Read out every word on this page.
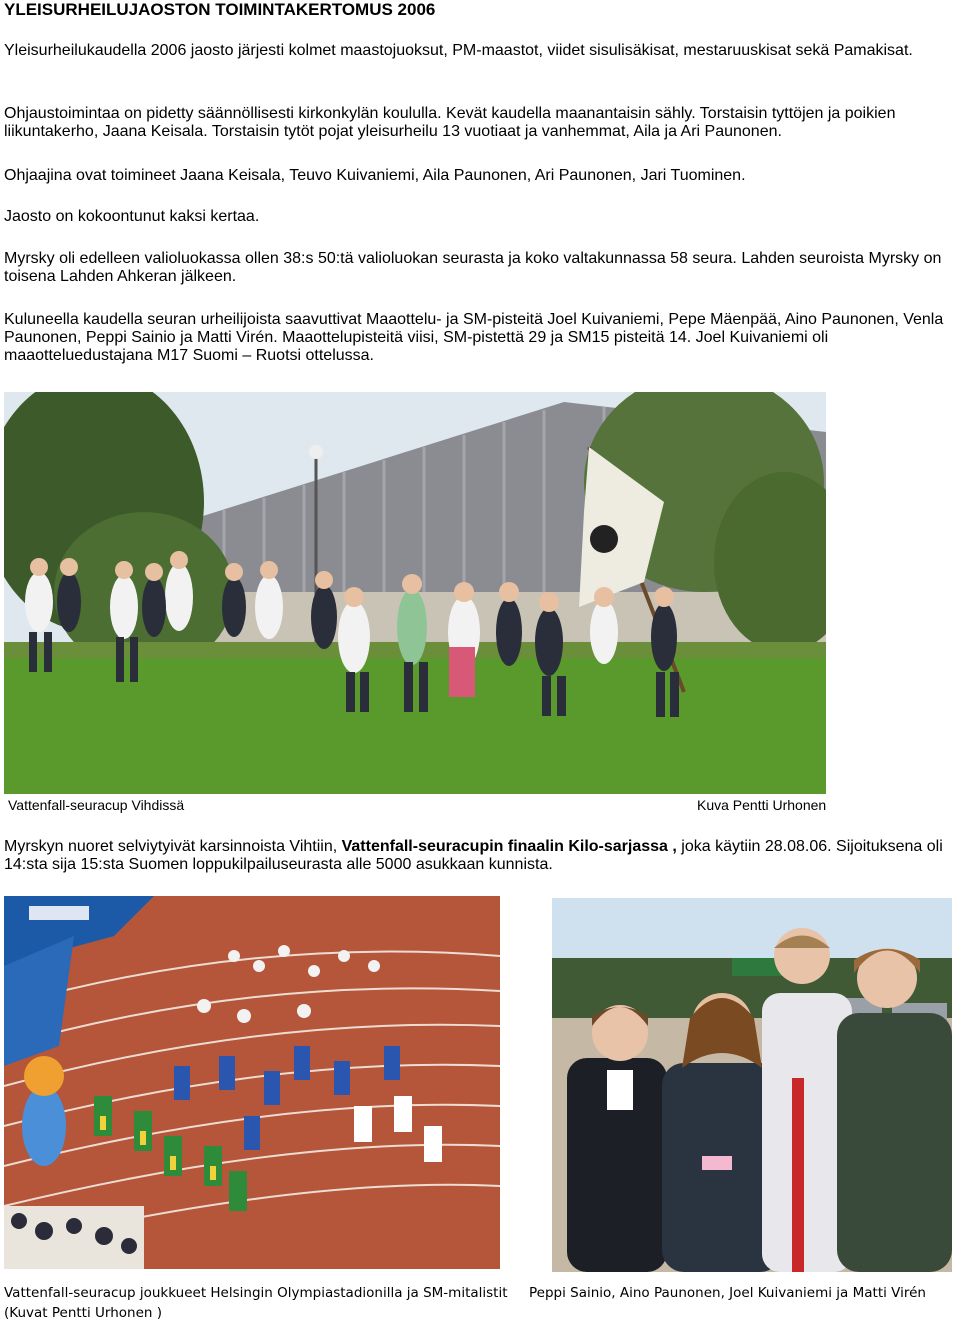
YLEISURHEILUJAOSTON TOIMINTAKERTOMUS 2006
Yleisurheilukaudella 2006 jaosto järjesti kolmet maastojuoksut, PM-maastot, viidet sisulisäkisat, mestaruuskisat sekä Pamakisat.
Ohjaustoimintaa on pidetty säännöllisesti kirkonkylän koululla. Kevät kaudella maanantaisin sähly. Torstaisin tyttöjen ja poikien liikuntakerho, Jaana Keisala. Torstaisin tytöt pojat yleisurheilu 13 vuotiaat ja vanhemmat, Aila ja Ari Paunonen.
Ohjaajina ovat toimineet Jaana Keisala, Teuvo Kuivaniemi, Aila Paunonen, Ari Paunonen, Jari Tuominen.
Jaosto on kokoontunut kaksi kertaa.
Myrsky oli edelleen valioluokassa ollen 38:s 50:tä valioluokan seurasta ja koko valtakunnassa 58 seura. Lahden seuroista Myrsky on toisena Lahden Ahkeran jälkeen.
Kuluneella kaudella seuran urheilijoista saavuttivat Maaottelu- ja SM-pisteitä Joel Kuivaniemi, Pepe Mäenpää, Aino Paunonen, Venla Paunonen, Peppi Sainio ja Matti Virén. Maaottelupisteitä viisi, SM-pistettä 29 ja SM15 pisteitä 14. Joel Kuivaniemi oli maaotteluedustajana M17 Suomi – Ruotsi ottelussa.
Vattenfall-seuracup Vihdissä	Kuva Pentti Urhonen
Myrskyn nuoret selviytyivät karsinnoista Vihtiin, Vattenfall-seuracupin finaalin Kilo-sarjassa , joka käytiin 28.08.06. Sijoituksena oli 14:sta sija 15:sta Suomen loppukilpailuseurasta alle 5000 asukkaan kunnista.
Vattenfall-seuracup joukkueet Helsingin Olympiastadionilla ja SM-mitalistit
(Kuvat Pentti Urhonen )
Peppi Sainio, Aino Paunonen, Joel Kuivaniemi ja Matti Virén
